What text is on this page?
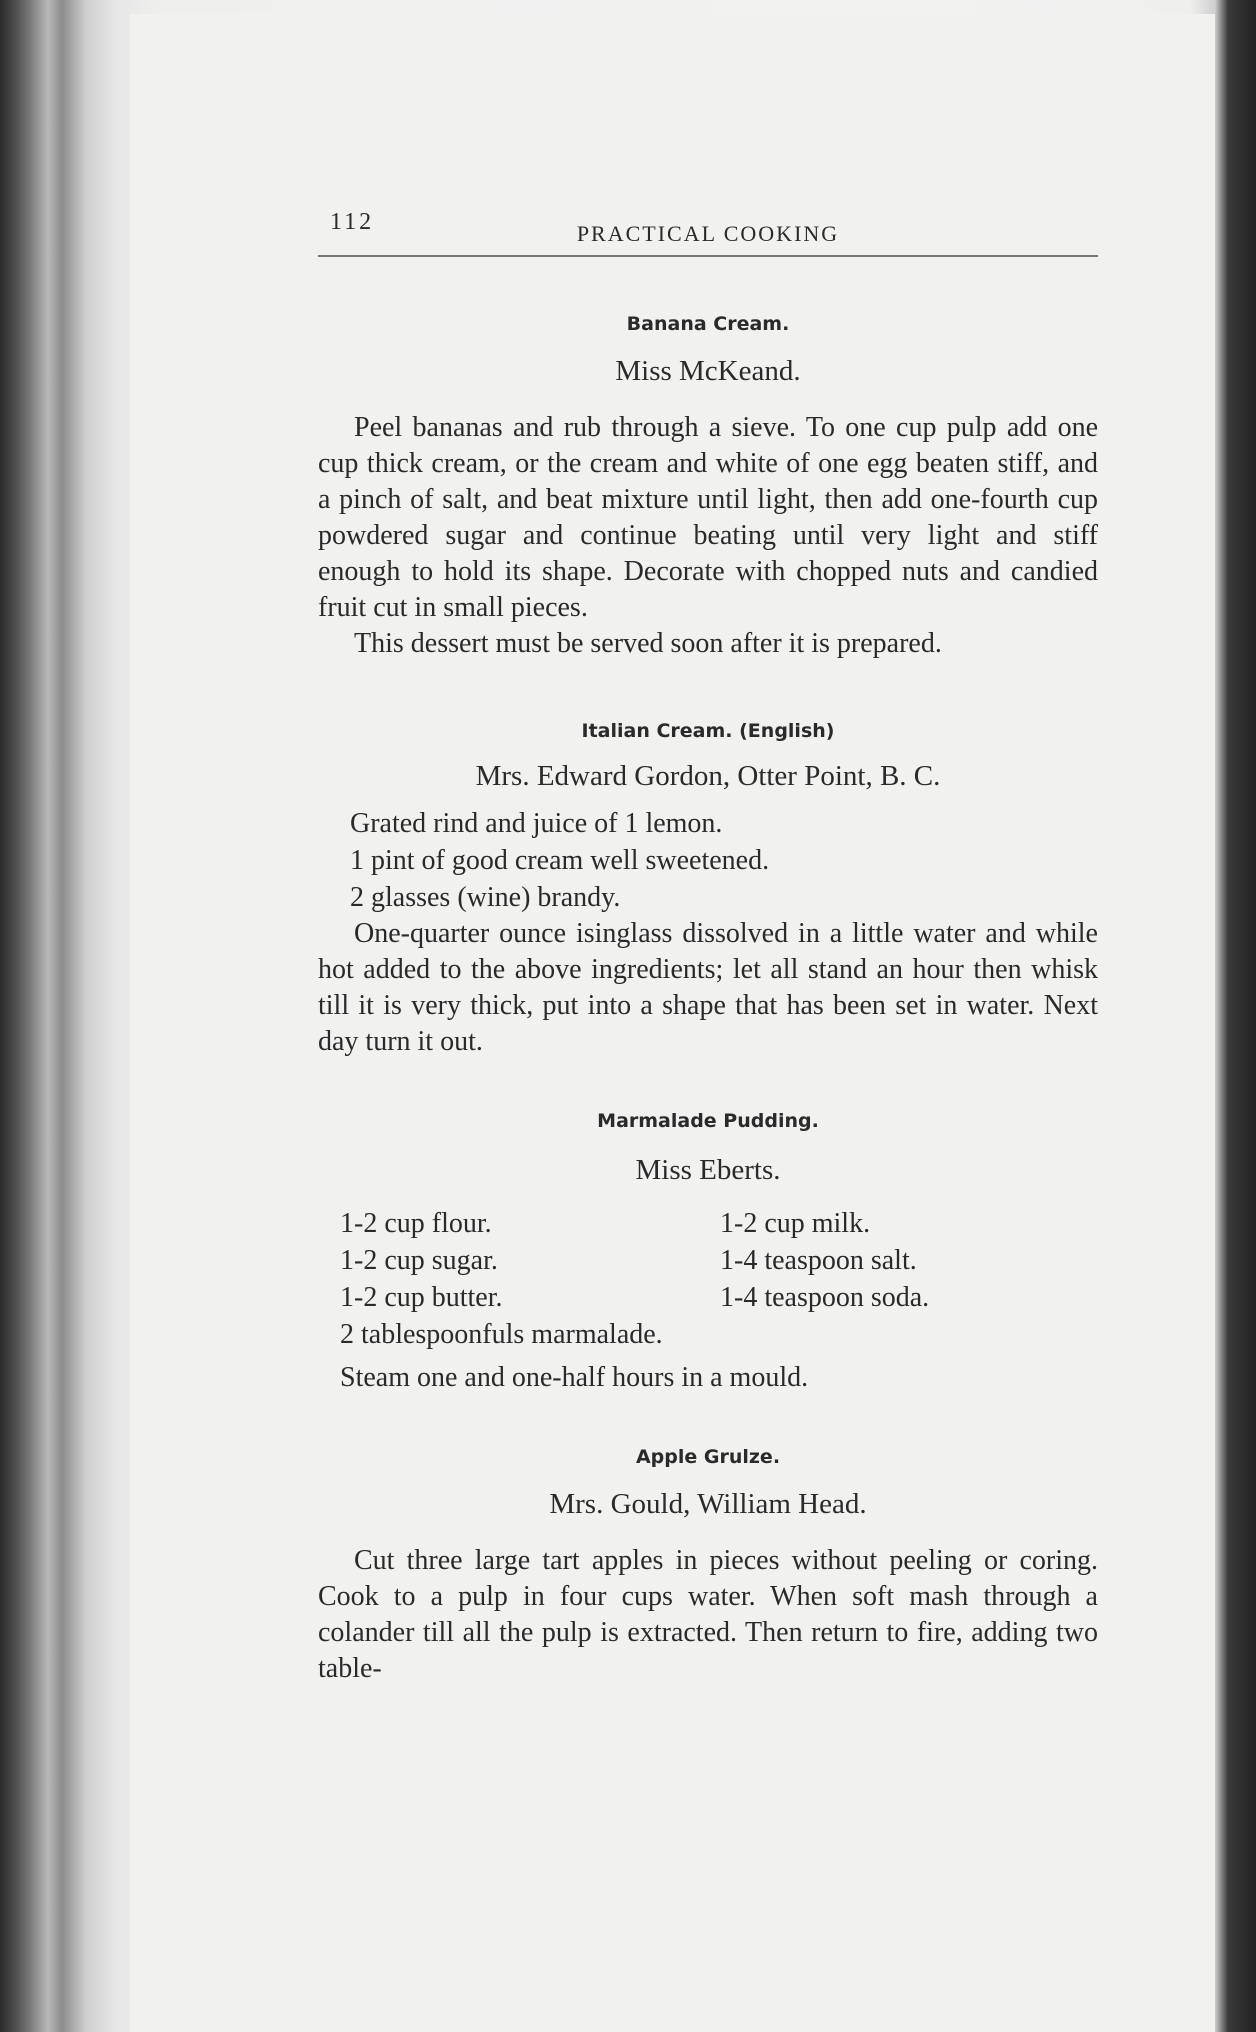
112	PRACTICAL COOKING
Banana Cream.

Miss McKeand.

Peel bananas and rub through a sieve. To one cup pulp add one cup thick cream, or the cream and white of one egg beaten stiff, and a pinch of salt, and beat mixture until light, then add one-fourth cup powdered sugar and continue beating until very light and stiff enough to hold its shape. Decorate with chopped nuts and candied fruit cut in small pieces.

This dessert must be served soon after it is prepared.

Italian Cream. (English)

Mrs. Edward Gordon, Otter Point, B. C.

Grated rind and juice of 1 lemon.

1 pint of good cream well sweetened.

2 glasses (wine) brandy.

One-quarter ounce isinglass dissolved in a little water and while hot added to the above ingredients; let all stand an hour then whisk till it is very thick, put into a shape that has been set in water. Next day turn it out.

Marmalade Pudding.

Miss Eberts.

1-2 cup flour.
1-2 cup sugar.
1-2 cup butter.
1-2 cup milk.
1-4 teaspoon salt.
1-4 teaspoon soda.

2 tablespoonfuls marmalade.

Steam one and one-half hours in a mould.

Apple Grulze.

Mrs. Gould, William Head.

Cut three large tart apples in pieces without peeling or coring. Cook to a pulp in four cups water. When soft mash through a colander till all the pulp is extracted. Then return to fire, adding two table-
